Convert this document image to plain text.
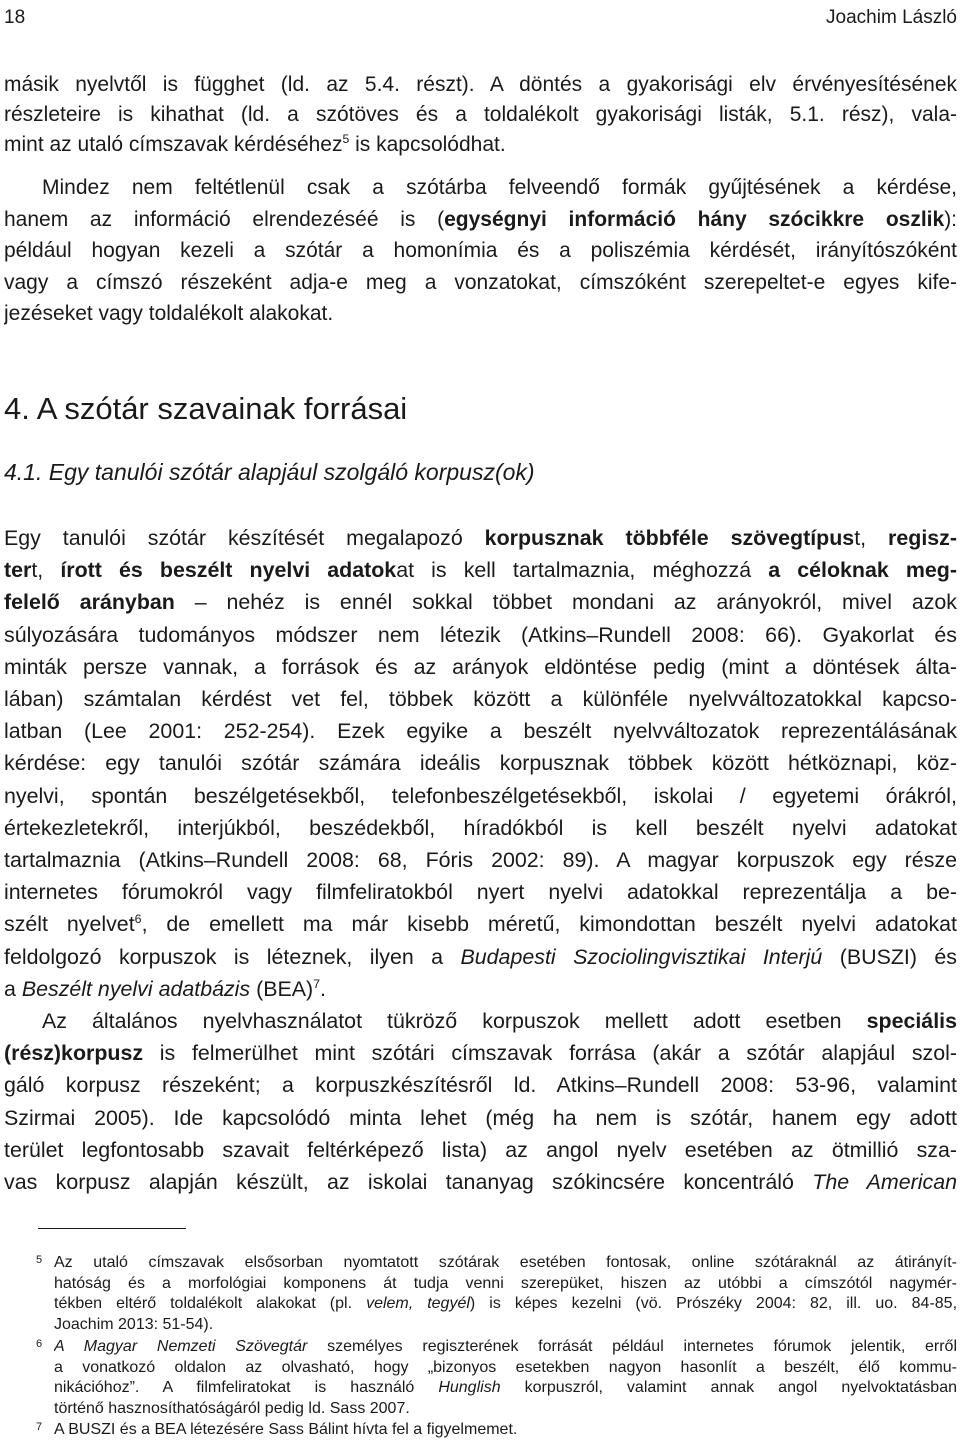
18	Joachim László
másik nyelvtől is függhet (ld. az 5.4. részt). A döntés a gyakorisági elv érvényesítésének
részleteire is kihathat (ld. a szótöves és a toldalékolt gyakorisági listák, 5.1. rész), vala-
mint az utaló címszavak kérdéséhez$^5$ is kapcsolódhat.
Mindez nem feltétlenül csak a szótárba felveendő formák gyűjtésének a kérdése,
hanem az információ elrendezéséé is (egységnyi információ hány szócikkre oszlik):
például hogyan kezeli a szótár a homonímia és a poliszémia kérdését, irányítószóként
vagy a címszó részeként adja-e meg a vonzatokat, címszóként szerepeltet-e egyes kife-
jezéseket vagy toldalékolt alakokat.
4. A szótár szavainak forrásai
4.1. Egy tanulói szótár alapjául szolgáló korpusz(ok)
Egy tanulói szótár készítését megalapozó korpusznak többféle szövegtípust, regisz-
tert, írott és beszélt nyelvi adatokat is kell tartalmaznia, méghozzá a céloknak meg-
felelő arányban – nehéz is ennél sokkal többet mondani az arányokról, mivel azok
súlyozására tudományos módszer nem létezik (Atkins–Rundell 2008: 66). Gyakorlat és
minták persze vannak, a források és az arányok eldöntése pedig (mint a döntések álta-
lában) számtalan kérdést vet fel, többek között a különféle nyelvváltozatokkal kapcso-
latban (Lee 2001: 252-254). Ezek egyike a beszélt nyelvváltozatok reprezentálásának
kérdése: egy tanulói szótár számára ideális korpusznak többek között hétköznapi, köz-
nyelvi, spontán beszélgetésekből, telefonbeszélgetésekből, iskolai / egyetemi órákról,
értekezletekről, interjúkból, beszédekből, híradókból is kell beszélt nyelvi adatokat
tartalmaznia (Atkins–Rundell 2008: 68, Fóris 2002: 89). A magyar korpuszok egy része
internetes fórumokról vagy filmfeliratokból nyert nyelvi adatokkal reprezentálja a be-
szélt nyelvet$^6$, de emellett ma már kisebb méretű, kimondottan beszélt nyelvi adatokat
feldolgozó korpuszok is léteznek, ilyen a Budapesti Szociolingvisztikai Interjú (BUSZI) és
a Beszélt nyelvi adatbázis (BEA)$^7$.
Az általános nyelvhasználatot tükröző korpuszok mellett adott esetben speciális
(rész)korpusz is felmerülhet mint szótári címszavak forrása (akár a szótár alapjául szol-
gáló korpusz részeként; a korpuszkészítésről ld. Atkins–Rundell 2008: 53-96, valamint
Szirmai 2005). Ide kapcsolódó minta lehet (még ha nem is szótár, hanem egy adott
terület legfontosabb szavait feltérképező lista) az angol nyelv esetében az ötmillió sza-
vas korpusz alapján készült, az iskolai tananyag szókincsére koncentráló The American
5 Az utaló címszavak elsősorban nyomtatott szótárak esetében fontosak, online szótáraknál az átirányít-
hatóság és a morfológiai komponens át tudja venni szerepüket, hiszen az utóbbi a címszótól nagymér-
tékben eltérő toldalékolt alakokat (pl. velem, tegyél) is képes kezelni (vö. Prószéky 2004: 82, ill. uo. 84-85,
Joachim 2013: 51-54).
6 A Magyar Nemzeti Szövegtár személyes regiszterének forrását például internetes fórumok jelentik, erről
a vonatkozó oldalon az olvasható, hogy „bizonyos esetekben nagyon hasonlít a beszélt, élő kommu-
nikációhoz”. A filmfeliratokat is használó Hunglish korpuszról, valamint annak angol nyelvoktatásban
történő hasznosíthatóságáról pedig ld. Sass 2007.
7 A BUSZI és a BEA létezésére Sass Bálint hívta fel a figyelmemet.
